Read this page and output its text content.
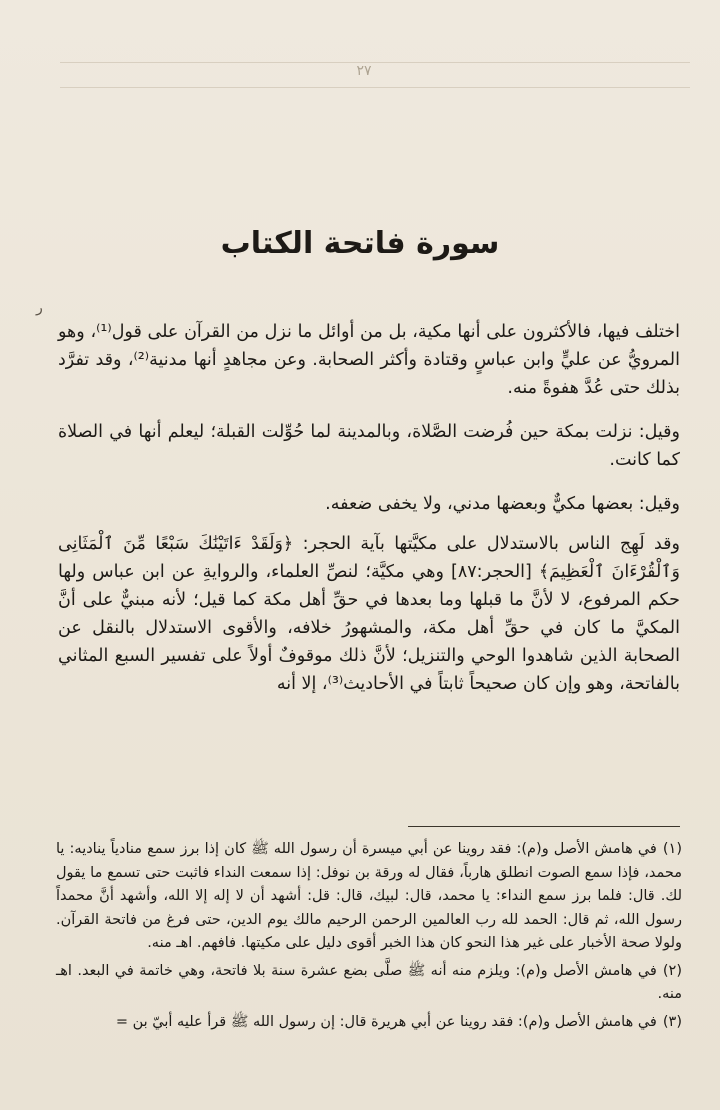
٢٧
ر
سورة فاتحة الكتاب

اختلف فيها، فالأكثرون على أنها مكية، بل من أوائل ما نزل من القرآن على قول⁽¹⁾، وهو المرويُّ عن عليٍّ وابن عباسٍ وقتادة وأكثر الصحابة. وعن مجاهدٍ أنها مدنية⁽²⁾، وقد تفرَّد بذلك حتى عُدَّ هفوةً منه.

وقيل: نزلت بمكة حين فُرضت الصَّلاة، وبالمدينة لما حُوِّلت القبلة؛ ليعلم أنها في الصلاة كما كانت.

وقيل: بعضها مكيٌّ وبعضها مدني، ولا يخفى ضعفه.

وقد لَهِج الناس بالاستدلال على مكيَّتها بآية الحجر: ﴿وَلَقَدْ ءَاتَيْنَٰكَ سَبْعًا مِّنَ ٱلْمَثَانِى وَٱلْقُرْءَانَ ٱلْعَظِيمَ﴾ [الحجر:٨٧] وهي مكيَّة؛ لنصِّ العلماء، والروايةِ عن ابن عباس ولها حكم المرفوع، لا لأنَّ ما قبلها وما بعدها في حقِّ أهل مكة كما قيل؛ لأنه مبنيٌّ على أنَّ المكيَّ ما كان في حقِّ أهل مكة، والمشهورُ خلافه، والأقوى الاستدلال بالنقل عن الصحابة الذين شاهدوا الوحي والتنزيل؛ لأنَّ ذلك موقوفٌ أولاً على تفسير السبع المثاني بالفاتحة، وهو وإن كان صحيحاً ثابتاً في الأحاديث⁽³⁾، إلا أنه

(١)في هامش الأصل و(م): فقد روينا عن أبي ميسرة أن رسول الله ﷺ كان إذا برز سمع منادياً يناديه: يا محمد، فإذا سمع الصوت انطلق هارباً، فقال له ورقة بن نوفل: إذا سمعت النداء فاثبت حتى تسمع ما يقول لك. قال: فلما برز سمع النداء: يا محمد، قال: لبيك، قال: قل: أشهد أن لا إله إلا الله، وأشهد أنَّ محمداً رسول الله، ثم قال: الحمد لله رب العالمين الرحمن الرحيم مالك يوم الدين، حتى فرغ من فاتحة القرآن. ولولا صحة الأخبار على غير هذا النحو كان هذا الخبر أقوى دليل على مكيتها. فافهم. اهـ منه.

(٢)في هامش الأصل و(م): ويلزم منه أنه ﷺ صلَّى بضع عشرة سنة بلا فاتحة، وهي خاتمة في البعد. اهـ منه.

(٣)في هامش الأصل و(م): فقد روينا عن أبي هريرة قال: إن رسول الله ﷺ قرأ عليه أبيّ بن =
